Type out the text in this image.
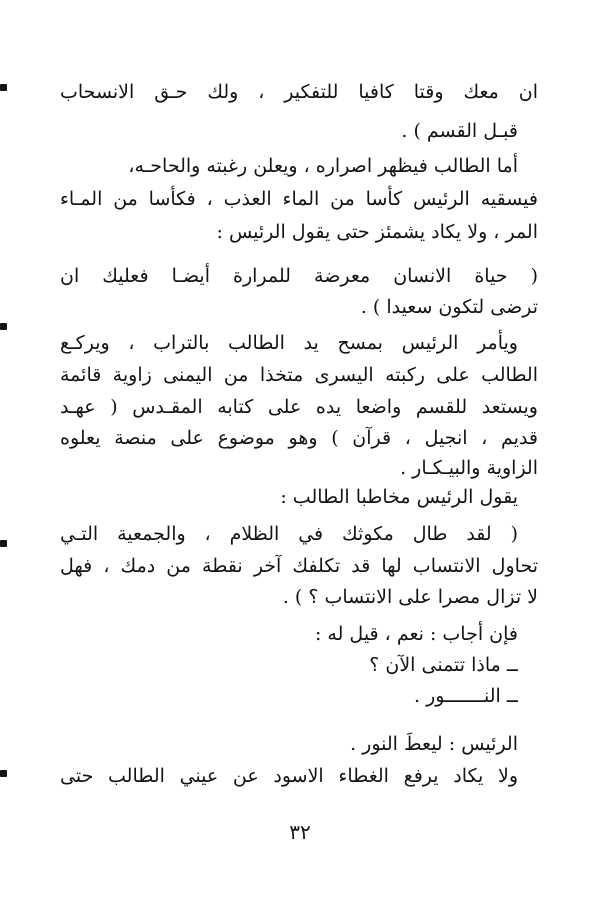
ان معك وقتا كافيا للتفكير ، ولك حـق الانسحاب
قبـل القسم ) .
أما الطالب فيظهر اصراره ، ويعلن رغبته والحاحـه،
فيسقيه الرئيس كأسا من الماء العذب ، فكأسا من المـاء
المر ، ولا يكاد يشمئز حتى يقول الرئيس :
( حياة الانسان معرضة للمرارة أيضـا فعليك ان
ترضى لتكون سعيدا ) .
ويأمر الرئيس بمسح يد الطالب بالتراب ، ويركـع
الطالب على ركبته اليسرى متخذا من اليمنى زاوية قائمة
ويستعد للقسم واضعا يده على كتابه المقـدس ( عهـد
قديم ، انجيل ، قرآن ) وهو موضوع على منصة يعلوه
الزاوية والبيـكـار .
يقول الرئيس مخاطبا الطالب :
( لقد طال مكوثك في الظلام ، والجمعية التـي
تحاول الانتساب لها قد تكلفك آخر نقطة من دمك ، فهل
لا تزال مصرا على الانتساب ؟ ) .
فإن أجاب : نعم ، قيل له :
ــ ماذا تتمنى الآن ؟
ــ النـــــــور .
الرئيس : ليعطَ النور .
ولا يكاد يرفع الغطاء الاسود عن عيني الطالب حتى
٣٢
